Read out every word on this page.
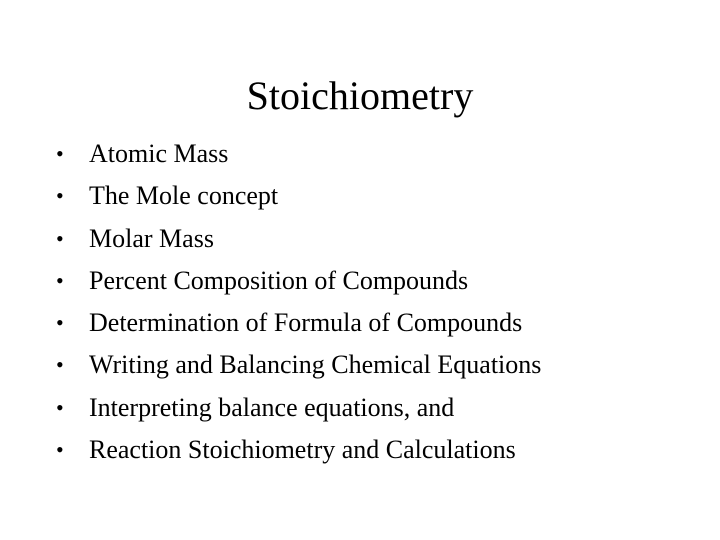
Stoichiometry
• Atomic Mass
• The Mole concept
• Molar Mass
• Percent Composition of Compounds
• Determination of Formula of Compounds
• Writing and Balancing Chemical Equations
• Interpreting balance equations, and
• Reaction Stoichiometry and Calculations
